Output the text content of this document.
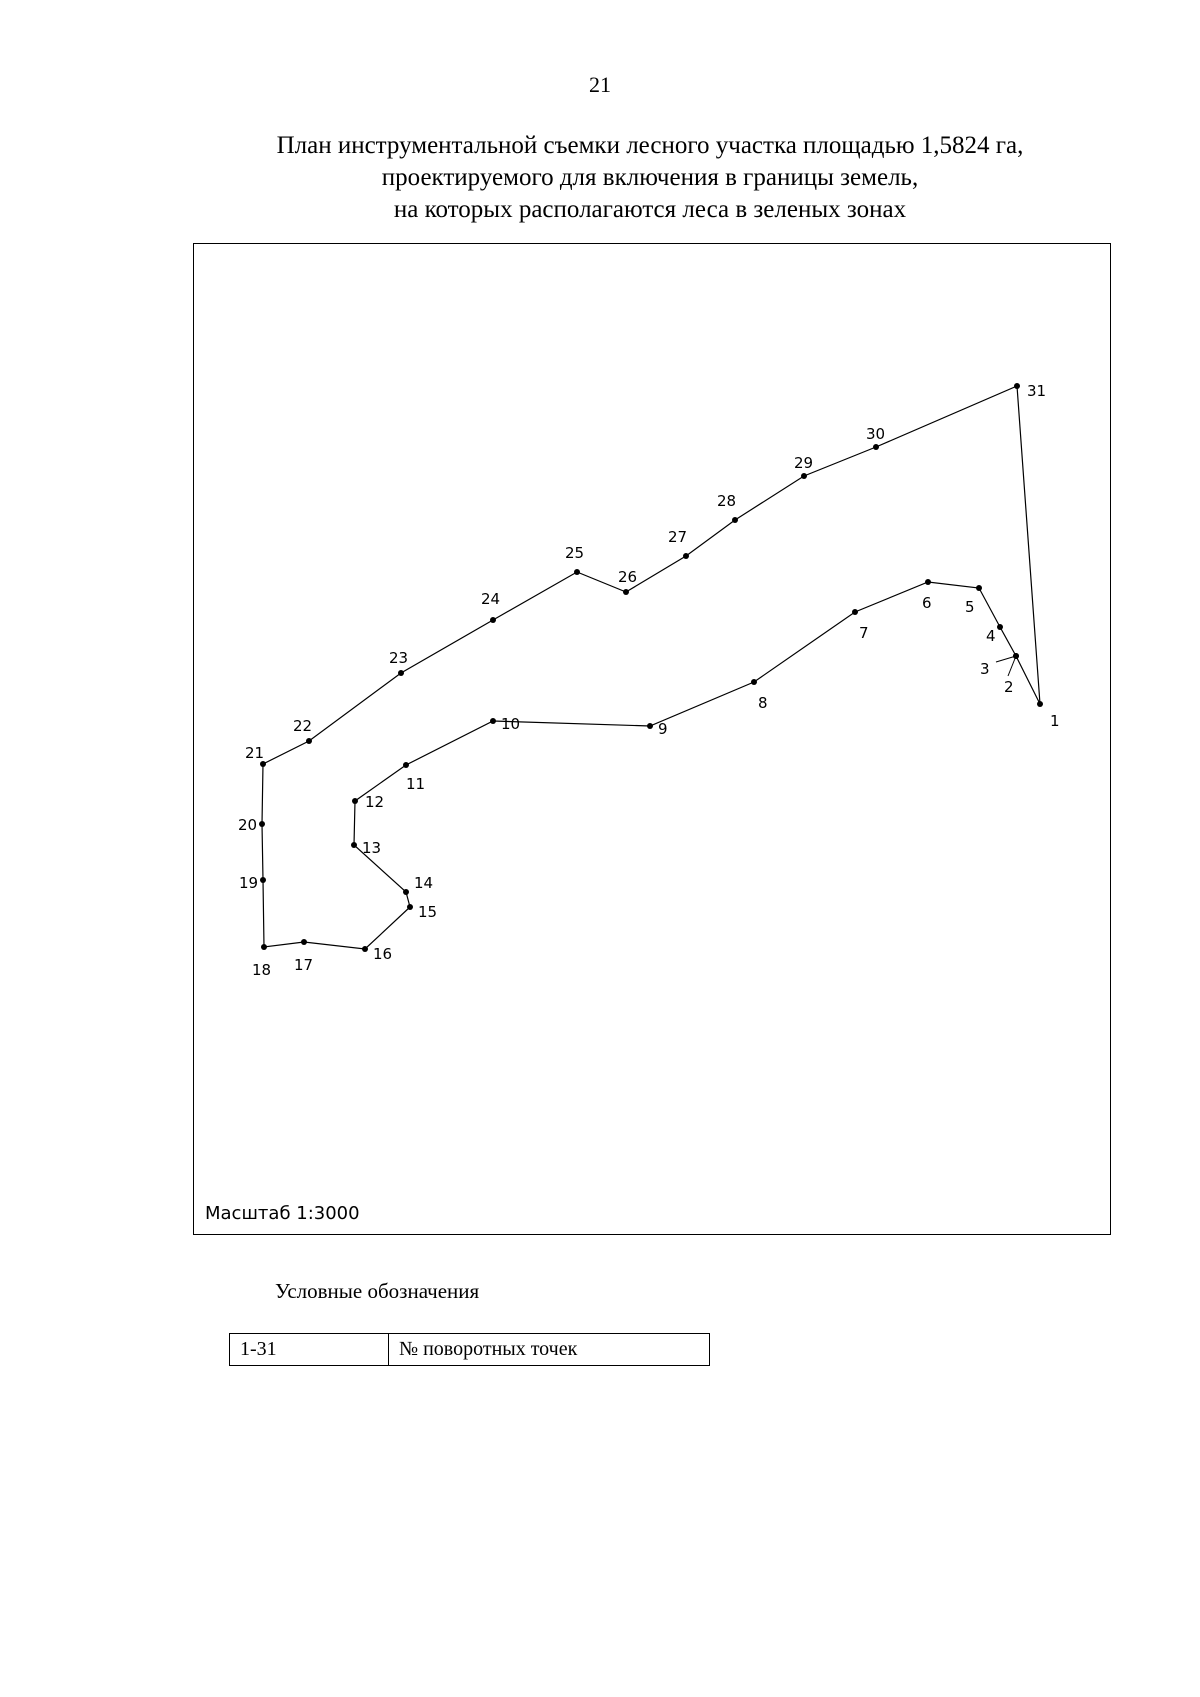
21
План инструментальной съемки лесного участка площадью 1,5824 га,
проектируемого для включения в границы земель,
на которых располагаются леса в зеленых зонах
1
2
3
4
5
6
7
8
9
10
11
12
13
14
15
16
17
18
19
20
21
22
23
24
25
26
27
28
29
30
31
Масштаб 1:3000
Условные обозначения
1-31	№ поворотных точек
